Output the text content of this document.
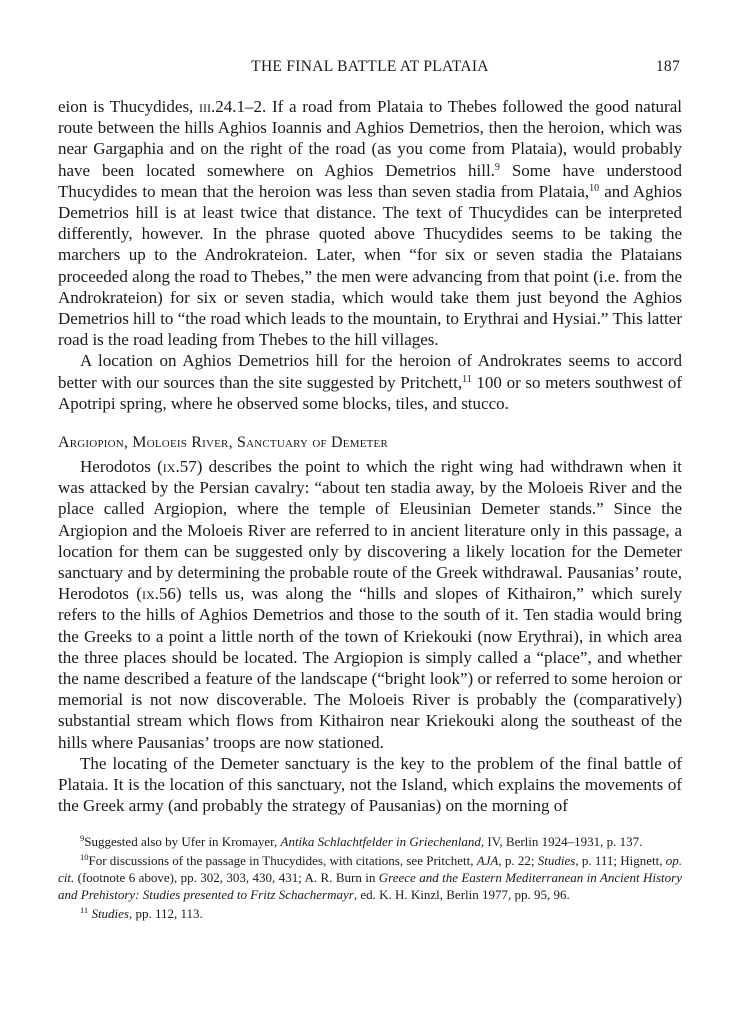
THE FINAL BATTLE AT PLATAIA	187

eion is Thucydides, iii.24.1–2. If a road from Plataia to Thebes followed the good natural route between the hills Aghios Ioannis and Aghios Demetrios, then the heroion, which was near Gargaphia and on the right of the road (as you come from Plataia), would probably have been located somewhere on Aghios Demetrios hill.$^9$ Some have understood Thucydides to mean that the heroion was less than seven stadia from Plataia,$^{10}$ and Aghios Demetrios hill is at least twice that distance. The text of Thucydides can be interpreted differently, however. In the phrase quoted above Thucydides seems to be taking the marchers up to the Androkrateion. Later, when “for six or seven stadia the Plataians proceeded along the road to Thebes,” the men were advancing from that point (i.e. from the Androkrateion) for six or seven stadia, which would take them just beyond the Aghios Demetrios hill to “the road which leads to the mountain, to Erythrai and Hysiai.” This latter road is the road leading from Thebes to the hill villages.

A location on Aghios Demetrios hill for the heroion of Androkrates seems to accord better with our sources than the site suggested by Pritchett,$^{11}$ 100 or so meters southwest of Apotripi spring, where he observed some blocks, tiles, and stucco.

Argiopion, Moloeis River, Sanctuary of Demeter

Herodotos (ix.57) describes the point to which the right wing had withdrawn when it was attacked by the Persian cavalry: “about ten stadia away, by the Moloeis River and the place called Argiopion, where the temple of Eleusinian Demeter stands.” Since the Argiopion and the Moloeis River are referred to in ancient literature only in this passage, a location for them can be suggested only by discovering a likely location for the Demeter sanctuary and by determining the probable route of the Greek withdrawal. Pausanias’ route, Herodotos (ix.56) tells us, was along the “hills and slopes of Kithairon,” which surely refers to the hills of Aghios Demetrios and those to the south of it. Ten stadia would bring the Greeks to a point a little north of the town of Kriekouki (now Erythrai), in which area the three places should be located. The Argiopion is simply called a “place”, and whether the name described a feature of the landscape (“bright look”) or referred to some heroion or memorial is not now discoverable. The Moloeis River is probably the (comparatively) substantial stream which flows from Kithairon near Kriekouki along the southeast of the hills where Pausanias’ troops are now stationed.

The locating of the Demeter sanctuary is the key to the problem of the final battle of Plataia. It is the location of this sanctuary, not the Island, which explains the movements of the Greek army (and probably the strategy of Pausanias) on the morning of

$^9$Suggested also by Ufer in Kromayer, Antika Schlachtfelder in Griechenland, IV, Berlin 1924–1931, p. 137.

$^{10}$For discussions of the passage in Thucydides, with citations, see Pritchett, AJA, p. 22; Studies, p. 111; Hignett, op. cit. (footnote 6 above), pp. 302, 303, 430, 431; A. R. Burn in Greece and the Eastern Mediterranean in Ancient History and Prehistory: Studies presented to Fritz Schachermayr, ed. K. H. Kinzl, Berlin 1977, pp. 95, 96.

$^{11}$ Studies, pp. 112, 113.
